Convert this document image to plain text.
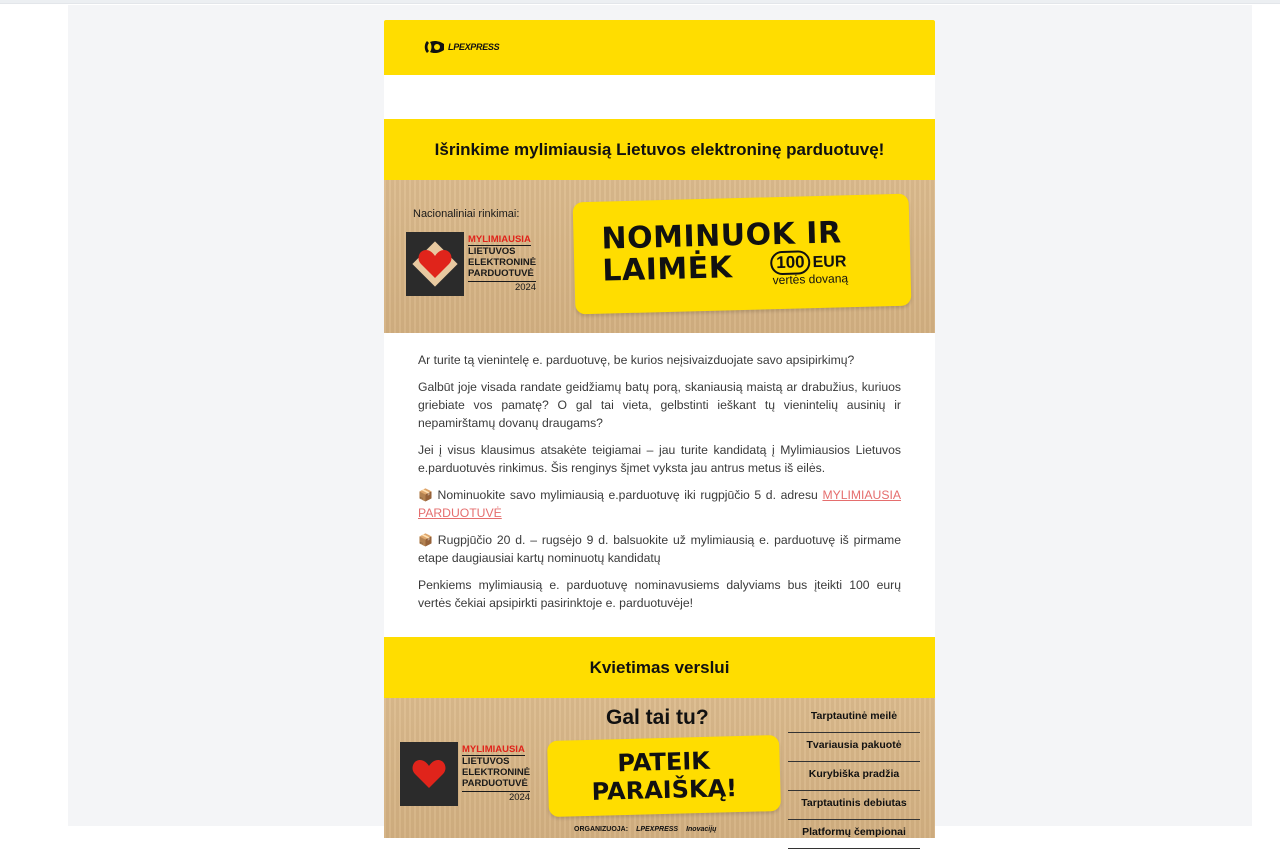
LPEXPRESS
Išrinkime mylimiausią Lietuvos elektroninę parduotuvę!
Nacionaliniai rinkimai:
MYLIMIAUSIA
LIETUVOS
ELEKTRONINĖ
PARDUOTUVĖ
2024
NOMINUOK IR
LAIMĖK	100 EUR
vertės dovaną

Ar turite tą vienintelę e. parduotuvę, be kurios neįsivaizduojate savo apsipirkimų?

Galbūt joje visada randate geidžiamų batų porą, skaniausią maistą ar drabužius, kuriuos griebiate vos pamatę? O gal tai vieta, gelbstinti ieškant tų vienintelių ausinių ir nepamirštamų dovanų draugams?

Jei į visus klausimus atsakėte teigiamai – jau turite kandidatą į Mylimiausios Lietuvos e.parduotuvės rinkimus. Šis renginys šįmet vyksta jau antrus metus iš eilės.

📦 Nominuokite savo mylimiausią e.parduotuvę iki rugpjūčio 5 d. adresu MYLIMIAUSIA PARDUOTUVĖ

📦 Rugpjūčio 20 d. – rugsėjo 9 d. balsuokite už mylimiausią e. parduotuvę iš pirmame etape daugiausiai kartų nominuotų kandidatų

Penkiems mylimiausią e. parduotuvę nominavusiems dalyviams bus įteikti 100 eurų vertės čekiai apsipirkti pasirinktoje e. parduotuvėje!

Kvietimas verslui
Gal tai tu?
MYLIMIAUSIA
LIETUVOS
ELEKTRONINĖ
PARDUOTUVĖ
2024
PATEIK
PARAIŠKĄ!
Tarptautinė meilė
Tvariausia pakuotė
Kurybiška pradžia
Tarptautinis debiutas
Platformų čempionai
ORGANIZUOJA: LPEXPRESS Inovacijų
